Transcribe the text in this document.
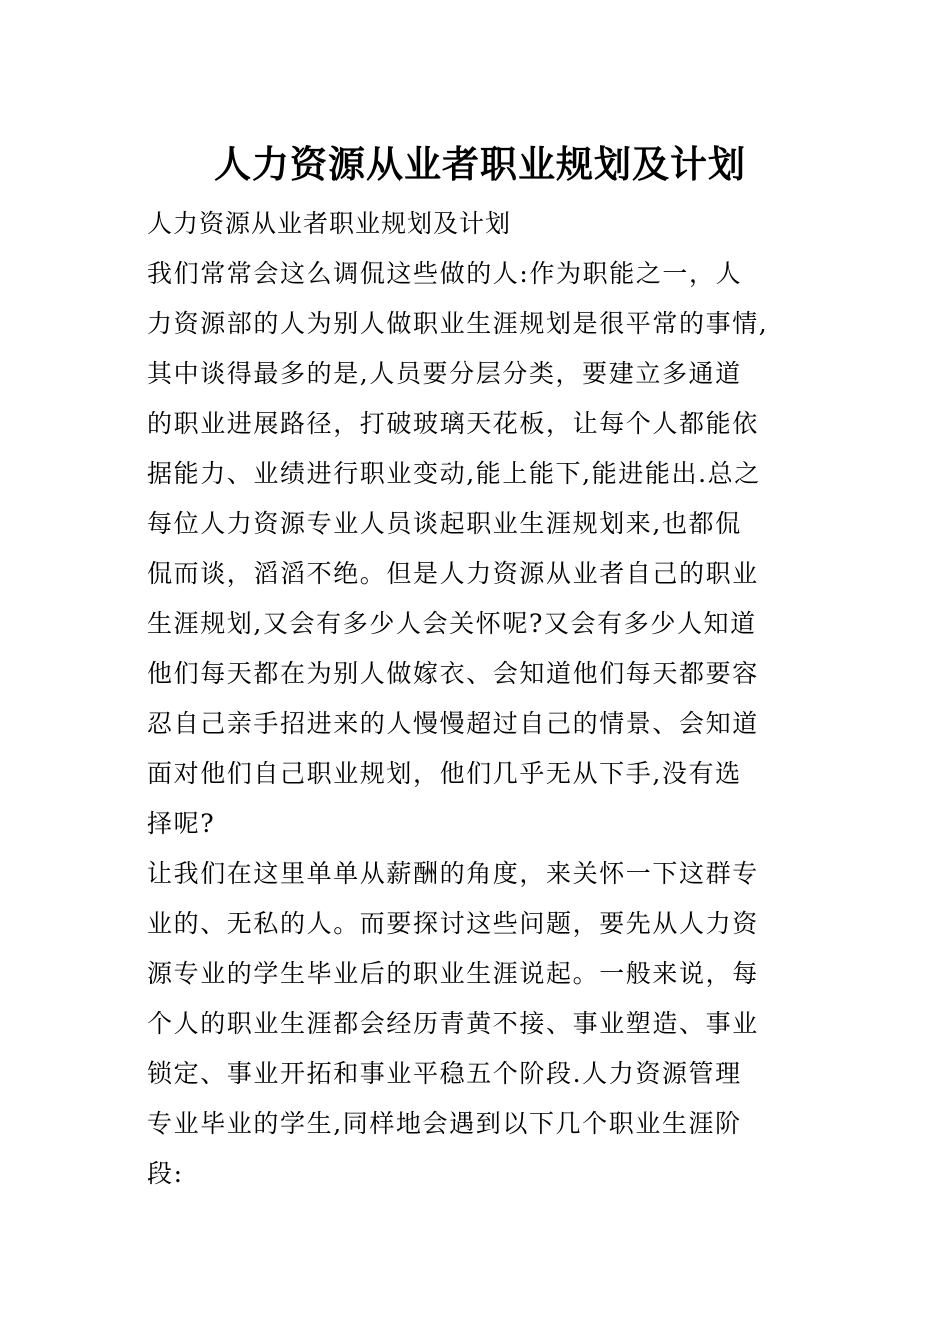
人力资源从业者职业规划及计划
人力资源从业者职业规划及计划
我们常常会这么调侃这些做的人:作为职能之一，人
力资源部的人为别人做职业生涯规划是很平常的事情,
其中谈得最多的是,人员要分层分类，要建立多通道
的职业进展路径，打破玻璃天花板，让每个人都能依
据能力、业绩进行职业变动,能上能下,能进能出.总之
每位人力资源专业人员谈起职业生涯规划来,也都侃
侃而谈，滔滔不绝。但是人力资源从业者自己的职业
生涯规划,又会有多少人会关怀呢?又会有多少人知道
他们每天都在为别人做嫁衣、会知道他们每天都要容
忍自己亲手招进来的人慢慢超过自己的情景、会知道
面对他们自己职业规划，他们几乎无从下手,没有选
择呢?
让我们在这里单单从薪酬的角度，来关怀一下这群专
业的、无私的人。而要探讨这些问题，要先从人力资
源专业的学生毕业后的职业生涯说起。一般来说，每
个人的职业生涯都会经历青黄不接、事业塑造、事业
锁定、事业开拓和事业平稳五个阶段.人力资源管理
专业毕业的学生,同样地会遇到以下几个职业生涯阶
段:
